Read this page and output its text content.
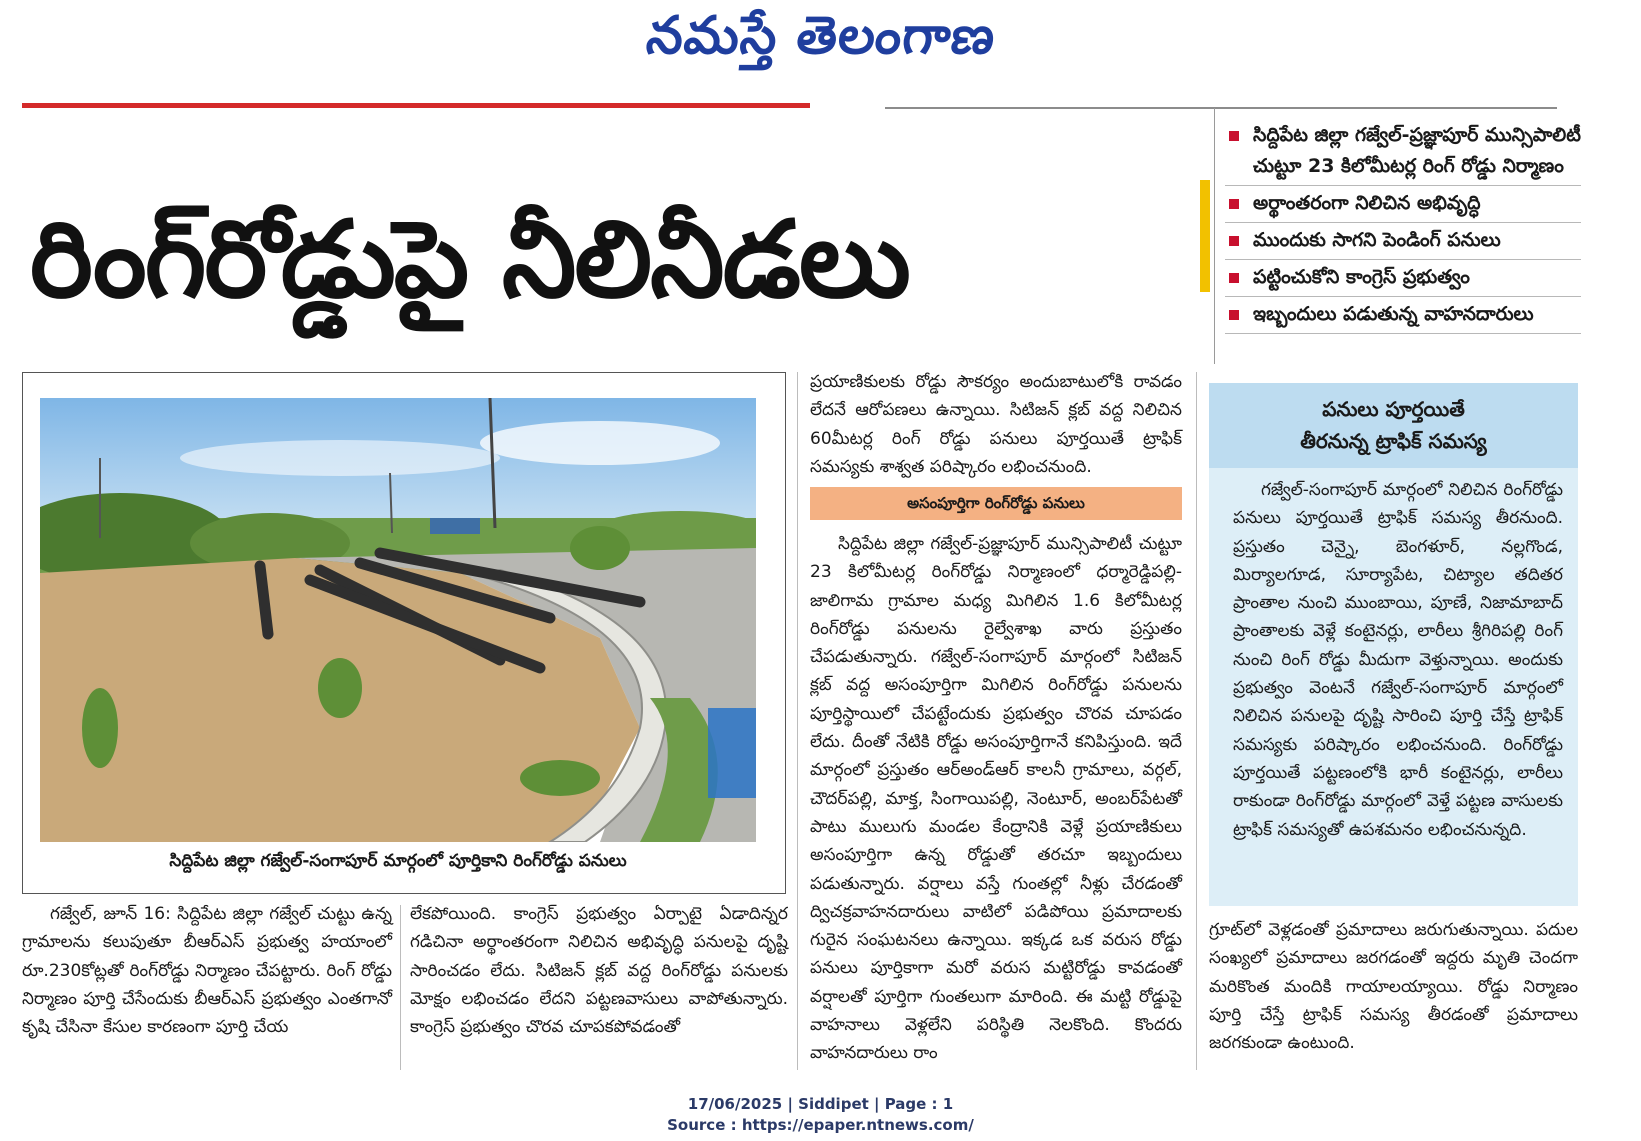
నమస్తే తెలంగాణ
రింగ్‌రోడ్డుపై నీలినీడలు
సిద్దిపేట జిల్లా గజ్వేల్‌-ప్రజ్ఞాపూర్‌ మున్సిపాలిటీ చుట్టూ 23 కిలోమీటర్ల రింగ్‌ రోడ్డు నిర్మాణం
అర్థాంతరంగా నిలిచిన అభివృద్ధి
ముందుకు సాగని పెండింగ్‌ పనులు
పట్టించుకోని కాంగ్రెస్‌ ప్రభుత్వం
ఇబ్బందులు పడుతున్న వాహనదారులు
సిద్దిపేట జిల్లా గజ్వేల్‌-సంగాపూర్‌ మార్గంలో పూర్తికాని రింగ్‌రోడ్డు పనులు
ప్రయాణికులకు రోడ్డు సౌకర్యం అందుబాటులోకి రావడం లేదనే ఆరోపణలు ఉన్నాయి. సిటిజన్‌ క్లబ్‌ వద్ద నిలిచిన 60మీటర్ల రింగ్‌ రోడ్డు పనులు పూర్తయితే ట్రాఫిక్‌ సమస్యకు శాశ్వత పరిష్కారం లభించనుంది.
అసంపూర్తిగా రింగ్‌రోడ్డు పనులు
సిద్దిపేట జిల్లా గజ్వేల్‌-ప్రజ్ఞాపూర్‌ మున్సిపాలిటీ చుట్టూ 23 కిలోమీటర్ల రింగ్‌రోడ్డు నిర్మాణంలో ధర్మారెడ్డిపల్లి-జాలిగామ గ్రామాల మధ్య మిగిలిన 1.6 కిలోమీటర్ల రింగ్‌రోడ్డు పనులను రైల్వేశాఖ వారు ప్రస్తుతం చేపడుతున్నారు. గజ్వేల్‌-సంగాపూర్‌ మార్గంలో సిటిజన్‌ క్లబ్‌ వద్ద అసంపూర్తిగా మిగిలిన రింగ్‌రోడ్డు పనులను పూర్తిస్థాయిలో చేపట్టేందుకు ప్రభుత్వం చొరవ చూపడం లేదు. దీంతో నేటికి రోడ్డు అసంపూర్తిగానే కనిపిస్తుంది. ఇదే మార్గంలో ప్రస్తుతం ఆర్‌అండ్‌ఆర్‌ కాలనీ గ్రామాలు, వర్గల్‌, చౌదర్‌పల్లి, మాక్త, సింగాయిపల్లి, నెంటూర్‌, అంబర్‌పేటతో పాటు ములుగు మండల కేంద్రానికి వెళ్లే ప్రయాణికులు అసంపూర్తిగా ఉన్న రోడ్డుతో తరచూ ఇబ్బందులు పడుతున్నారు. వర్షాలు వస్తే గుంతల్లో నీళ్లు చేరడంతో ద్విచక్రవాహనదారులు వాటిలో పడిపోయి ప్రమాదాలకు గురైన సంఘటనలు ఉన్నాయి. ఇక్కడ ఒక వరుస రోడ్డు పనులు పూర్తికాగా మరో వరుస మట్టిరోడ్డు కావడంతో వర్షాలతో పూర్తిగా గుంతలుగా మారింది. ఈ మట్టి రోడ్డుపై వాహనాలు వెళ్లలేని పరిస్థితి నెలకొంది. కొందరు వాహనదారులు రాం
పనులు పూర్తయితే
తీరనున్న ట్రాఫిక్‌ సమస్య
గజ్వేల్‌-సంగాపూర్‌ మార్గంలో నిలిచిన రింగ్‌రోడ్డు పనులు పూర్తయితే ట్రాఫిక్‌ సమస్య తీరనుంది. ప్రస్తుతం చెన్నై, బెంగళూర్‌, నల్లగొండ, మిర్యాలగూడ, సూర్యాపేట, చిట్యాల తదితర ప్రాంతాల నుంచి ముంబాయి, పూణే, నిజామాబాద్‌ ప్రాంతాలకు వెళ్లే కంటైనర్లు, లారీలు శ్రీగిరిపల్లి రింగ్‌ నుంచి రింగ్‌ రోడ్డు మీదుగా వెళ్తున్నాయి. అందుకు ప్రభుత్వం వెంటనే గజ్వేల్‌-సంగాపూర్‌ మార్గంలో నిలిచిన పనులపై దృష్టి సారించి పూర్తి చేస్తే ట్రాఫిక్‌ సమస్యకు పరిష్కారం లభించనుంది. రింగ్‌రోడ్డు పూర్తయితే పట్టణంలోకి భారీ కంటైనర్లు, లారీలు రాకుండా రింగ్‌రోడ్డు మార్గంలో వెళ్తే పట్టణ వాసులకు ట్రాఫిక్‌ సమస్యతో ఉపశమనం లభించనున్నది.
గజ్వేల్‌, జూన్‌ 16: సిద్దిపేట జిల్లా గజ్వేల్‌ చుట్టు ఉన్న గ్రామాలను కలుపుతూ బీఆర్‌ఎస్‌ ప్రభుత్వ హయాంలో రూ.230కోట్లతో రింగ్‌రోడ్డు నిర్మాణం చేపట్టారు. రింగ్‌ రోడ్డు నిర్మాణం పూర్తి చేసేందుకు బీఆర్‌ఎస్‌ ప్రభుత్వం ఎంతగానో కృషి చేసినా కేసుల కారణంగా పూర్తి చేయ
లేకపోయింది. కాంగ్రెస్‌ ప్రభుత్వం ఏర్పాటై ఏడాదిన్నర గడిచినా అర్థాంతరంగా నిలిచిన అభివృద్ధి పనులపై దృష్టి సారించడం లేదు. సిటిజన్‌ క్లబ్‌ వద్ద రింగ్‌రోడ్డు పనులకు మోక్షం లభించడం లేదని పట్టణవాసులు వాపోతున్నారు. కాంగ్రెస్‌ ప్రభుత్వం చొరవ చూపకపోవడంతో
గ్రూట్‌లో వెళ్లడంతో ప్రమాదాలు జరుగుతున్నాయి. పదుల సంఖ్యలో ప్రమాదాలు జరగడంతో ఇద్దరు మృతి చెందగా మరికొంత మందికి గాయాలయ్యాయి. రోడ్డు నిర్మాణం పూర్తి చేస్తే ట్రాఫిక్‌ సమస్య తీరడంతో ప్రమాదాలు జరగకుండా ఉంటుంది.
17/06/2025 | Siddipet | Page : 1
Source : https://epaper.ntnews.com/
